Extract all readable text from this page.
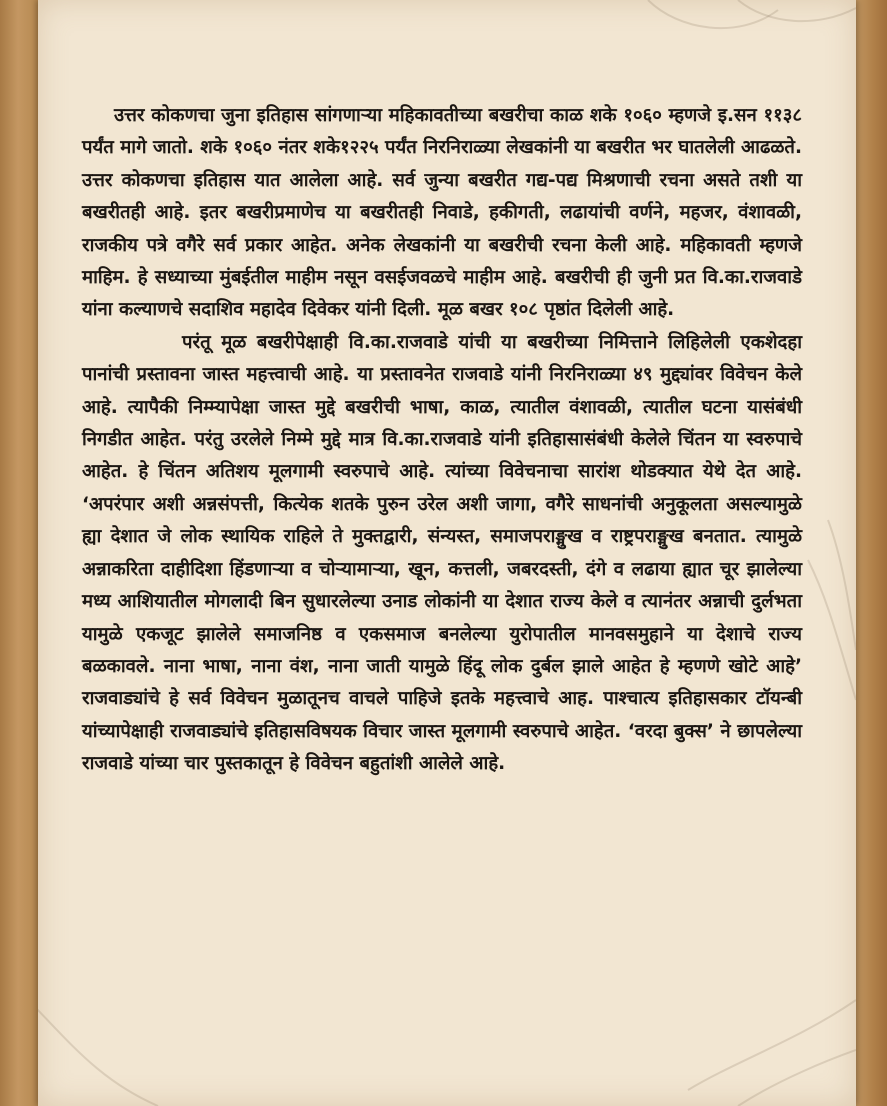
उत्तर कोकणचा जुना इतिहास सांगणाऱ्या महिकावतीच्या बखरीचा काळ शके १०६० म्हणजे इ.सन ११३८ पर्यंत मागे जातो. शके १०६० नंतर शके१२२५ पर्यंत निरनिराळ्या लेखकांनी या बखरीत भर घातलेली आढळते. उत्तर कोकणचा इतिहास यात आलेला आहे. सर्व जुन्या बखरीत गद्य-पद्य मिश्रणाची रचना असते तशी या बखरीतही आहे. इतर बखरीप्रमाणेच या बखरीतही निवाडे, हकीगती, लढायांची वर्णने, महजर, वंशावळी, राजकीय पत्रे वगैरे सर्व प्रकार आहेत. अनेक लेखकांनी या बखरीची रचना केली आहे. महिकावती म्हणजे माहिम. हे सध्याच्या मुंबईतील माहीम नसून वसईजवळचे माहीम आहे. बखरीची ही जुनी प्रत वि.का.राजवाडे यांना कल्याणचे सदाशिव महादेव दिवेकर यांनी दिली. मूळ बखर १०८ पृष्ठांत दिलेली आहे.

परंतू मूळ बखरीपेक्षाही वि.का.राजवाडे यांची या बखरीच्या निमित्ताने लिहिलेली एकशेदहा पानांची प्रस्तावना जास्त महत्त्वाची आहे. या प्रस्तावनेत राजवाडे यांनी निरनिराळ्या ४९ मुद्द्यांवर विवेचन केले आहे. त्यापैकी निम्म्यापेक्षा जास्त मुद्दे बखरीची भाषा, काळ, त्यातील वंशावळी, त्यातील घटना यासंबंधी निगडीत आहेत. परंतु उरलेले निम्मे मुद्दे मात्र वि.का.राजवाडे यांनी इतिहासासंबंधी केलेले चिंतन या स्वरुपाचे आहेत. हे चिंतन अतिशय मूलगामी स्वरुपाचे आहे. त्यांच्या विवेचनाचा सारांश थोडक्यात येथे देत आहे. ‘अपरंपार अशी अन्नसंपत्ती, कित्येक शतके पुरुन उरेल अशी जागा, वगैरे साधनांची अनुकूलता असल्यामुळे ह्या देशात जे लोक स्थायिक राहिले ते मुक्तद्वारी, संन्यस्त, समाजपराङ्मुख व राष्ट्रपराङ्मुख बनतात. त्यामुळे अन्नाकरिता दाहीदिशा हिंडणाऱ्या व चोऱ्यामाऱ्या, खून, कत्तली, जबरदस्ती, दंगे व लढाया ह्यात चूर झालेल्या मध्य आशियातील मोगलादी बिन सुधारलेल्या उनाड लोकांनी या देशात राज्य केले व त्यानंतर अन्नाची दुर्लभता यामुळे एकजूट झालेले समाजनिष्ठ व एकसमाज बनलेल्या युरोपातील मानवसमुहाने या देशाचे राज्य बळकावले. नाना भाषा, नाना वंश, नाना जाती यामुळे हिंदू लोक दुर्बल झाले आहेत हे म्हणणे खोटे आहे’ राजवाड्यांचे हे सर्व विवेचन मुळातूनच वाचले पाहिजे इतके महत्त्वाचे आह. पाश्चात्य इतिहासकार टॉयन्बी यांच्यापेक्षाही राजवाड्यांचे इतिहासविषयक विचार जास्त मूलगामी स्वरुपाचे आहेत. ‘वरदा बुक्स’ ने छापलेल्या राजवाडे यांच्या चार पुस्तकातून हे विवेचन बहुतांशी आलेले आहे.
